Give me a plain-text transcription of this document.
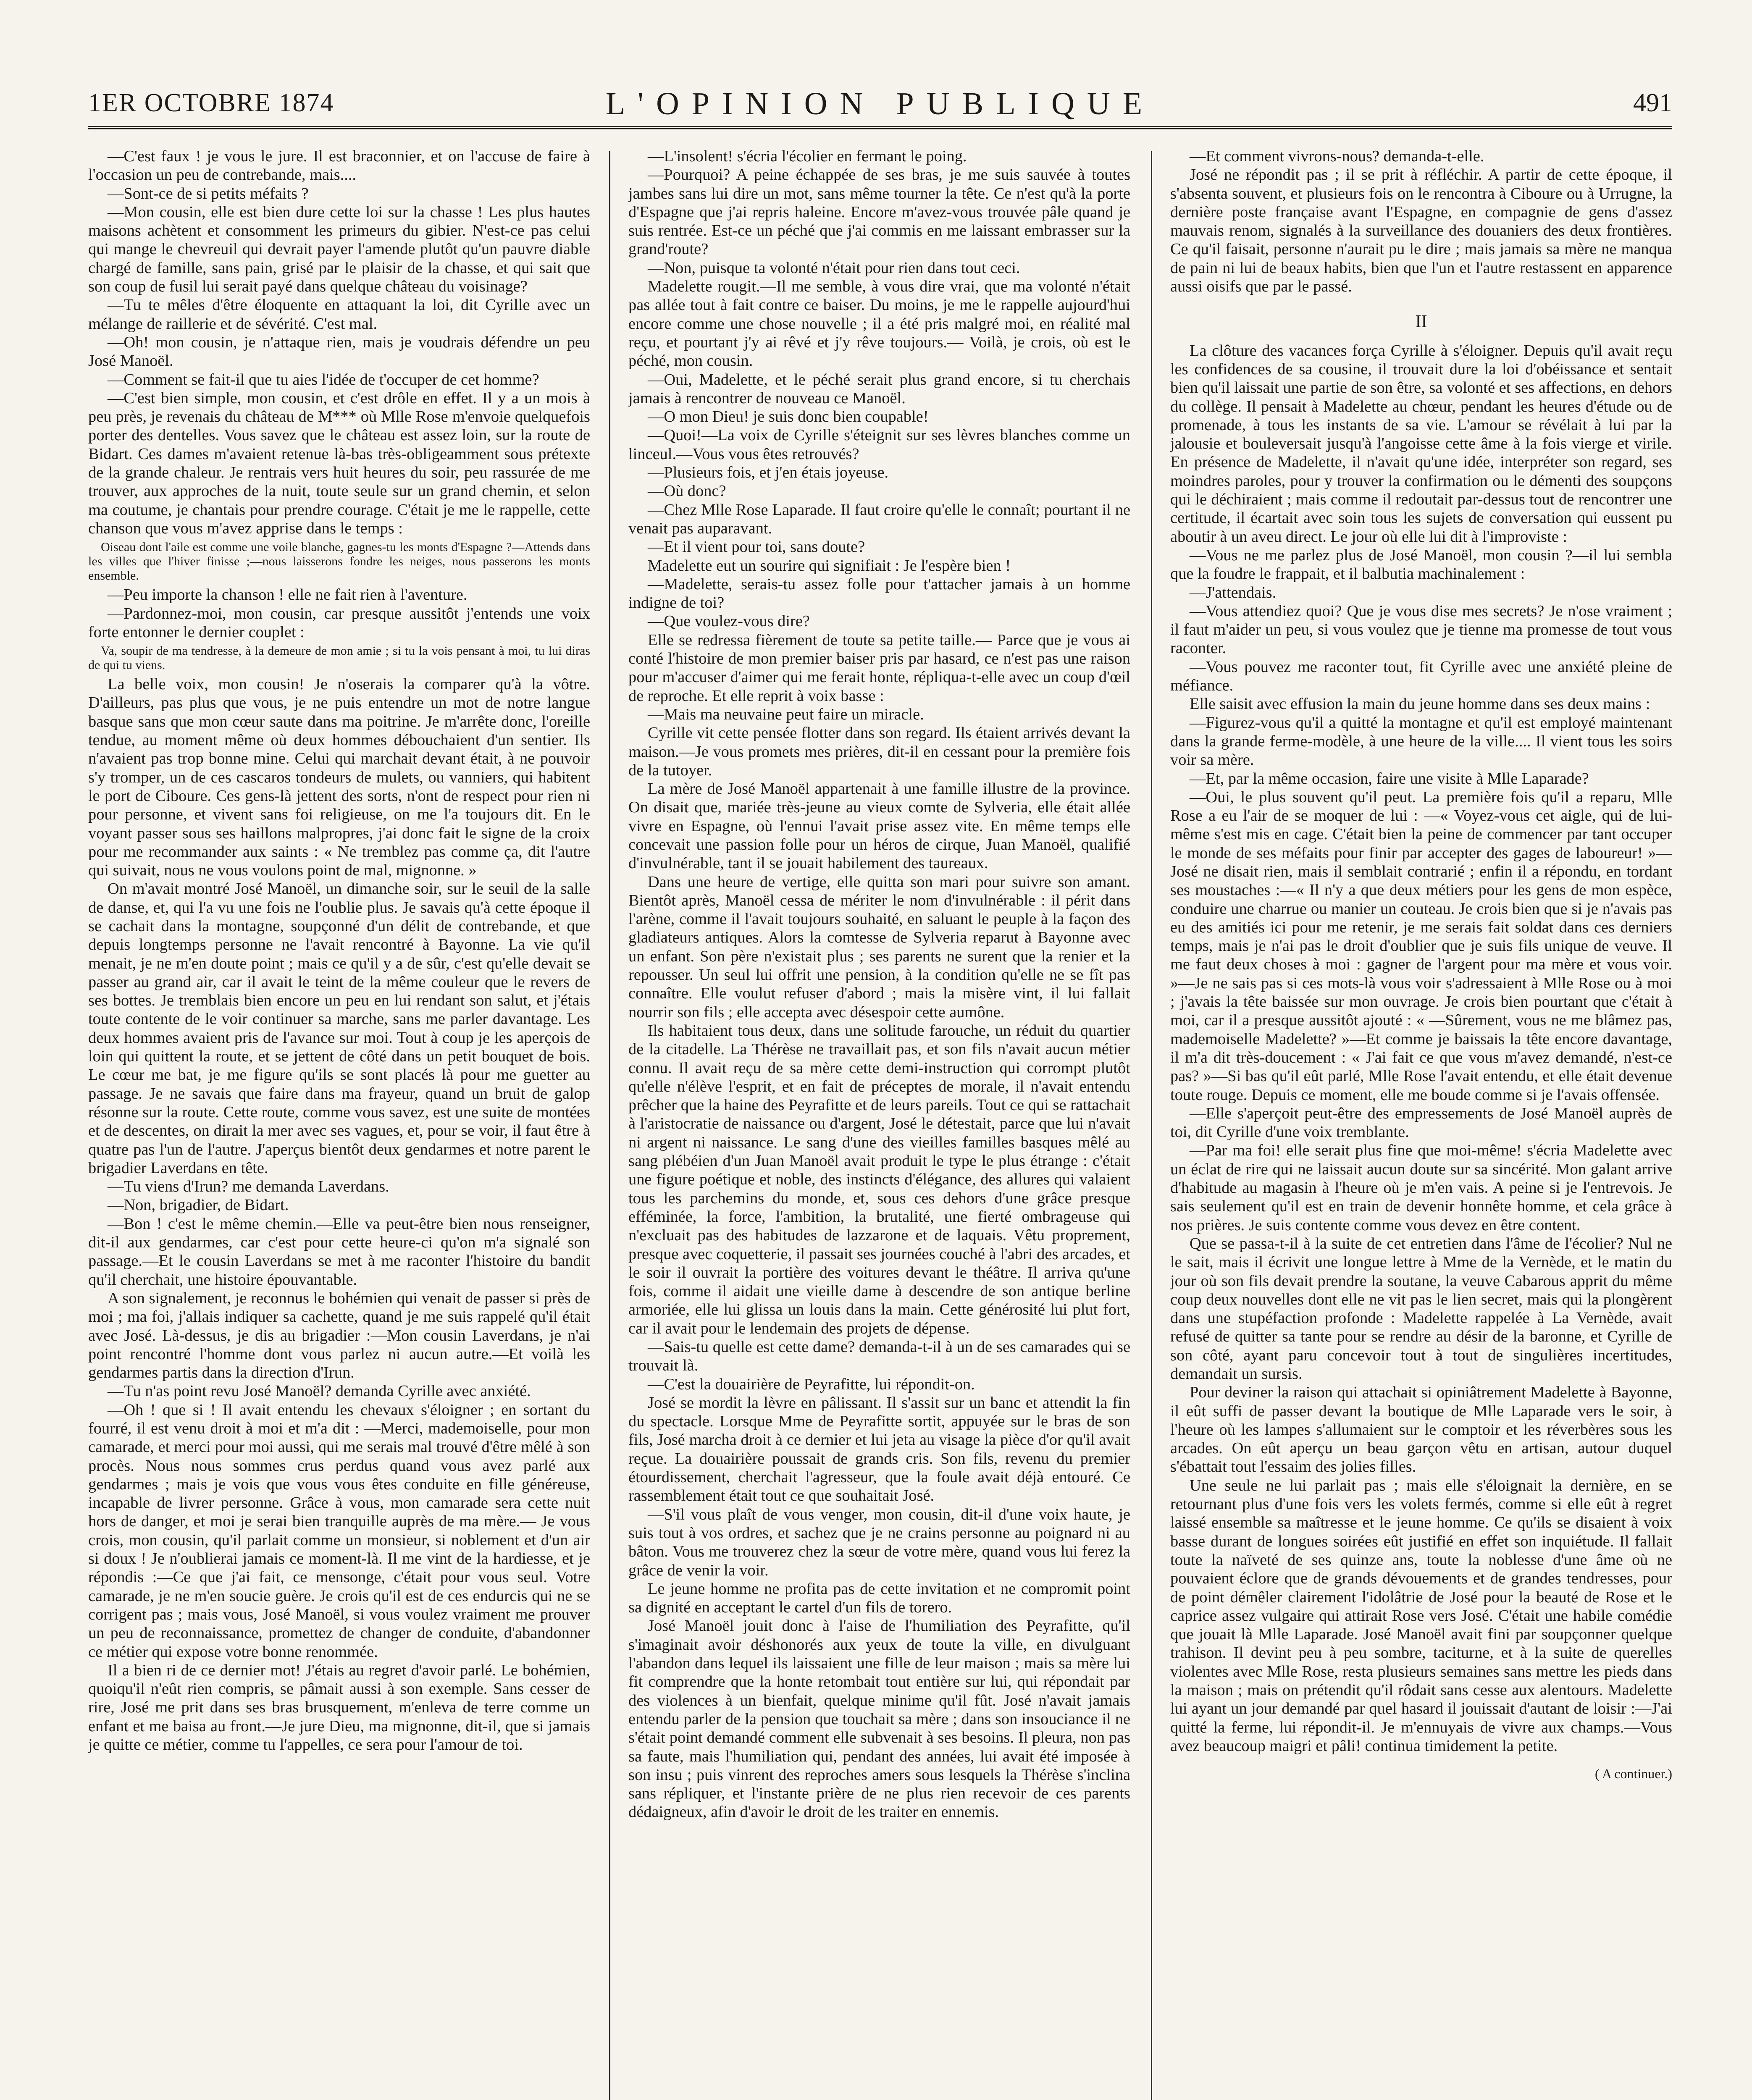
1ER OCTOBRE 1874	L'OPINION PUBLIQUE	491

—C'est faux ! je vous le jure. Il est braconnier, et on l'accuse de faire à l'occasion un peu de contrebande, mais....

—Sont-ce de si petits méfaits ?

—Mon cousin, elle est bien dure cette loi sur la chasse ! Les plus hautes maisons achètent et consomment les primeurs du gibier. N'est-ce pas celui qui mange le chevreuil qui devrait payer l'amende plutôt qu'un pauvre diable chargé de famille, sans pain, grisé par le plaisir de la chasse, et qui sait que son coup de fusil lui serait payé dans quelque château du voisinage?

—Tu te mêles d'être éloquente en attaquant la loi, dit Cyrille avec un mélange de raillerie et de sévérité. C'est mal.

—Oh! mon cousin, je n'attaque rien, mais je voudrais défendre un peu José Manoël.

—Comment se fait-il que tu aies l'idée de t'occuper de cet homme?

—C'est bien simple, mon cousin, et c'est drôle en effet. Il y a un mois à peu près, je revenais du château de M*** où Mlle Rose m'envoie quelquefois porter des dentelles. Vous savez que le château est assez loin, sur la route de Bidart. Ces dames m'avaient retenue là-bas très-obligeamment sous prétexte de la grande chaleur. Je rentrais vers huit heures du soir, peu rassurée de me trouver, aux approches de la nuit, toute seule sur un grand chemin, et selon ma coutume, je chantais pour prendre courage. C'était je me le rappelle, cette chanson que vous m'avez apprise dans le temps :

Oiseau dont l'aile est comme une voile blanche, gagnes-tu les monts d'Espagne ?—Attends dans les villes que l'hiver finisse ;—nous laisserons fondre les neiges, nous passerons les monts ensemble.

—Peu importe la chanson ! elle ne fait rien à l'aventure.

—Pardonnez-moi, mon cousin, car presque aussitôt j'entends une voix forte entonner le dernier couplet :

Va, soupir de ma tendresse, à la demeure de mon amie ; si tu la vois pensant à moi, tu lui diras de qui tu viens.

La belle voix, mon cousin! Je n'oserais la comparer qu'à la vôtre. D'ailleurs, pas plus que vous, je ne puis entendre un mot de notre langue basque sans que mon cœur saute dans ma poitrine. Je m'arrête donc, l'oreille tendue, au moment même où deux hommes débouchaient d'un sentier. Ils n'avaient pas trop bonne mine. Celui qui marchait devant était, à ne pouvoir s'y tromper, un de ces cascaros tondeurs de mulets, ou vanniers, qui habitent le port de Ciboure. Ces gens-là jettent des sorts, n'ont de respect pour rien ni pour personne, et vivent sans foi religieuse, on me l'a toujours dit. En le voyant passer sous ses haillons malpropres, j'ai donc fait le signe de la croix pour me recommander aux saints : « Ne tremblez pas comme ça, dit l'autre qui suivait, nous ne vous voulons point de mal, mignonne. »

On m'avait montré José Manoël, un dimanche soir, sur le seuil de la salle de danse, et, qui l'a vu une fois ne l'oublie plus. Je savais qu'à cette époque il se cachait dans la montagne, soupçonné d'un délit de contrebande, et que depuis longtemps personne ne l'avait rencontré à Bayonne. La vie qu'il menait, je ne m'en doute point ; mais ce qu'il y a de sûr, c'est qu'elle devait se passer au grand air, car il avait le teint de la même couleur que le revers de ses bottes. Je tremblais bien encore un peu en lui rendant son salut, et j'étais toute contente de le voir continuer sa marche, sans me parler davantage. Les deux hommes avaient pris de l'avance sur moi. Tout à coup je les aperçois de loin qui quittent la route, et se jettent de côté dans un petit bouquet de bois. Le cœur me bat, je me figure qu'ils se sont placés là pour me guetter au passage. Je ne savais que faire dans ma frayeur, quand un bruit de galop résonne sur la route. Cette route, comme vous savez, est une suite de montées et de descentes, on dirait la mer avec ses vagues, et, pour se voir, il faut être à quatre pas l'un de l'autre. J'aperçus bientôt deux gendarmes et notre parent le brigadier Laverdans en tête.

—Tu viens d'Irun? me demanda Laverdans.

—Non, brigadier, de Bidart.

—Bon ! c'est le même chemin.—Elle va peut-être bien nous renseigner, dit-il aux gendarmes, car c'est pour cette heure-ci qu'on m'a signalé son passage.—Et le cousin Laverdans se met à me raconter l'histoire du bandit qu'il cherchait, une histoire épouvantable.

A son signalement, je reconnus le bohémien qui venait de passer si près de moi ; ma foi, j'allais indiquer sa cachette, quand je me suis rappelé qu'il était avec José. Là-dessus, je dis au brigadier :—Mon cousin Laverdans, je n'ai point rencontré l'homme dont vous parlez ni aucun autre.—Et voilà les gendarmes partis dans la direction d'Irun.

—Tu n'as point revu José Manoël? demanda Cyrille avec anxiété.

—Oh ! que si ! Il avait entendu les chevaux s'éloigner ; en sortant du fourré, il est venu droit à moi et m'a dit : —Merci, mademoiselle, pour mon camarade, et merci pour moi aussi, qui me serais mal trouvé d'être mêlé à son procès. Nous nous sommes crus perdus quand vous avez parlé aux gendarmes ; mais je vois que vous vous êtes conduite en fille généreuse, incapable de livrer personne. Grâce à vous, mon camarade sera cette nuit hors de danger, et moi je serai bien tranquille auprès de ma mère.— Je vous crois, mon cousin, qu'il parlait comme un monsieur, si noblement et d'un air si doux ! Je n'oublierai jamais ce moment-là. Il me vint de la hardiesse, et je répondis :—Ce que j'ai fait, ce mensonge, c'était pour vous seul. Votre camarade, je ne m'en soucie guère. Je crois qu'il est de ces endurcis qui ne se corrigent pas ; mais vous, José Manoël, si vous voulez vraiment me prouver un peu de reconnaissance, promettez de changer de conduite, d'abandonner ce métier qui expose votre bonne renommée.

Il a bien ri de ce dernier mot! J'étais au regret d'avoir parlé. Le bohémien, quoiqu'il n'eût rien compris, se pâmait aussi à son exemple. Sans cesser de rire, José me prit dans ses bras brusquement, m'enleva de terre comme un enfant et me baisa au front.—Je jure Dieu, ma mignonne, dit-il, que si jamais je quitte ce métier, comme tu l'appelles, ce sera pour l'amour de toi.

—L'insolent! s'écria l'écolier en fermant le poing.

—Pourquoi? A peine échappée de ses bras, je me suis sauvée à toutes jambes sans lui dire un mot, sans même tourner la tête. Ce n'est qu'à la porte d'Espagne que j'ai repris haleine. Encore m'avez-vous trouvée pâle quand je suis rentrée. Est-ce un péché que j'ai commis en me laissant embrasser sur la grand'route?

—Non, puisque ta volonté n'était pour rien dans tout ceci.

Madelette rougit.—Il me semble, à vous dire vrai, que ma volonté n'était pas allée tout à fait contre ce baiser. Du moins, je me le rappelle aujourd'hui encore comme une chose nouvelle ; il a été pris malgré moi, en réalité mal reçu, et pourtant j'y ai rêvé et j'y rêve toujours.— Voilà, je crois, où est le péché, mon cousin.

—Oui, Madelette, et le péché serait plus grand encore, si tu cherchais jamais à rencontrer de nouveau ce Manoël.

—O mon Dieu! je suis donc bien coupable!

—Quoi!—La voix de Cyrille s'éteignit sur ses lèvres blanches comme un linceul.—Vous vous êtes retrouvés?

—Plusieurs fois, et j'en étais joyeuse.

—Où donc?

—Chez Mlle Rose Laparade. Il faut croire qu'elle le connaît; pourtant il ne venait pas auparavant.

—Et il vient pour toi, sans doute?

Madelette eut un sourire qui signifiait : Je l'espère bien !

—Madelette, serais-tu assez folle pour t'attacher jamais à un homme indigne de toi?

—Que voulez-vous dire?

Elle se redressa fièrement de toute sa petite taille.— Parce que je vous ai conté l'histoire de mon premier baiser pris par hasard, ce n'est pas une raison pour m'accuser d'aimer qui me ferait honte, répliqua-t-elle avec un coup d'œil de reproche. Et elle reprit à voix basse :

—Mais ma neuvaine peut faire un miracle.

Cyrille vit cette pensée flotter dans son regard. Ils étaient arrivés devant la maison.—Je vous promets mes prières, dit-il en cessant pour la première fois de la tutoyer.

La mère de José Manoël appartenait à une famille illustre de la province. On disait que, mariée très-jeune au vieux comte de Sylveria, elle était allée vivre en Espagne, où l'ennui l'avait prise assez vite. En même temps elle concevait une passion folle pour un héros de cirque, Juan Manoël, qualifié d'invulnérable, tant il se jouait habilement des taureaux.

Dans une heure de vertige, elle quitta son mari pour suivre son amant. Bientôt après, Manoël cessa de mériter le nom d'invulnérable : il périt dans l'arène, comme il l'avait toujours souhaité, en saluant le peuple à la façon des gladiateurs antiques. Alors la comtesse de Sylveria reparut à Bayonne avec un enfant. Son père n'existait plus ; ses parents ne surent que la renier et la repousser. Un seul lui offrit une pension, à la condition qu'elle ne se fît pas connaître. Elle voulut refuser d'abord ; mais la misère vint, il lui fallait nourrir son fils ; elle accepta avec désespoir cette aumône.

Ils habitaient tous deux, dans une solitude farouche, un réduit du quartier de la citadelle. La Thérèse ne travaillait pas, et son fils n'avait aucun métier connu. Il avait reçu de sa mère cette demi-instruction qui corrompt plutôt qu'elle n'élève l'esprit, et en fait de préceptes de morale, il n'avait entendu prêcher que la haine des Peyrafitte et de leurs pareils. Tout ce qui se rattachait à l'aristocratie de naissance ou d'argent, José le détestait, parce que lui n'avait ni argent ni naissance. Le sang d'une des vieilles familles basques mêlé au sang plébéien d'un Juan Manoël avait produit le type le plus étrange : c'était une figure poétique et noble, des instincts d'élégance, des allures qui valaient tous les parchemins du monde, et, sous ces dehors d'une grâce presque efféminée, la force, l'ambition, la brutalité, une fierté ombrageuse qui n'excluait pas des habitudes de lazzarone et de laquais. Vêtu proprement, presque avec coquetterie, il passait ses journées couché à l'abri des arcades, et le soir il ouvrait la portière des voitures devant le théâtre. Il arriva qu'une fois, comme il aidait une vieille dame à descendre de son antique berline armoriée, elle lui glissa un louis dans la main. Cette générosité lui plut fort, car il avait pour le lendemain des projets de dépense.

—Sais-tu quelle est cette dame? demanda-t-il à un de ses camarades qui se trouvait là.

—C'est la douairière de Peyrafitte, lui répondit-on.

José se mordit la lèvre en pâlissant. Il s'assit sur un banc et attendit la fin du spectacle. Lorsque Mme de Peyrafitte sortit, appuyée sur le bras de son fils, José marcha droit à ce dernier et lui jeta au visage la pièce d'or qu'il avait reçue. La douairière poussait de grands cris. Son fils, revenu du premier étourdissement, cherchait l'agresseur, que la foule avait déjà entouré. Ce rassemblement était tout ce que souhaitait José.

—S'il vous plaît de vous venger, mon cousin, dit-il d'une voix haute, je suis tout à vos ordres, et sachez que je ne crains personne au poignard ni au bâton. Vous me trouverez chez la sœur de votre mère, quand vous lui ferez la grâce de venir la voir.

Le jeune homme ne profita pas de cette invitation et ne compromit point sa dignité en acceptant le cartel d'un fils de torero.

José Manoël jouit donc à l'aise de l'humiliation des Peyrafitte, qu'il s'imaginait avoir déshonorés aux yeux de toute la ville, en divulguant l'abandon dans lequel ils laissaient une fille de leur maison ; mais sa mère lui fit comprendre que la honte retombait tout entière sur lui, qui répondait par des violences à un bienfait, quelque minime qu'il fût. José n'avait jamais entendu parler de la pension que touchait sa mère ; dans son insouciance il ne s'était point demandé comment elle subvenait à ses besoins. Il pleura, non pas sa faute, mais l'humiliation qui, pendant des années, lui avait été imposée à son insu ; puis vinrent des reproches amers sous lesquels la Thérèse s'inclina sans répliquer, et l'instante prière de ne plus rien recevoir de ces parents dédaigneux, afin d'avoir le droit de les traiter en ennemis.

—Et comment vivrons-nous? demanda-t-elle.

José ne répondit pas ; il se prit à réfléchir. A partir de cette époque, il s'absenta souvent, et plusieurs fois on le rencontra à Ciboure ou à Urrugne, la dernière poste française avant l'Espagne, en compagnie de gens d'assez mauvais renom, signalés à la surveillance des douaniers des deux frontières. Ce qu'il faisait, personne n'aurait pu le dire ; mais jamais sa mère ne manqua de pain ni lui de beaux habits, bien que l'un et l'autre restassent en apparence aussi oisifs que par le passé.

II

La clôture des vacances força Cyrille à s'éloigner. Depuis qu'il avait reçu les confidences de sa cousine, il trouvait dure la loi d'obéissance et sentait bien qu'il laissait une partie de son être, sa volonté et ses affections, en dehors du collège. Il pensait à Madelette au chœur, pendant les heures d'étude ou de promenade, à tous les instants de sa vie. L'amour se révélait à lui par la jalousie et bouleversait jusqu'à l'angoisse cette âme à la fois vierge et virile. En présence de Madelette, il n'avait qu'une idée, interpréter son regard, ses moindres paroles, pour y trouver la confirmation ou le démenti des soupçons qui le déchiraient ; mais comme il redoutait par-dessus tout de rencontrer une certitude, il écartait avec soin tous les sujets de conversation qui eussent pu aboutir à un aveu direct. Le jour où elle lui dit à l'improviste :

—Vous ne me parlez plus de José Manoël, mon cousin ?—il lui sembla que la foudre le frappait, et il balbutia machinalement :

—J'attendais.

—Vous attendiez quoi? Que je vous dise mes secrets? Je n'ose vraiment ; il faut m'aider un peu, si vous voulez que je tienne ma promesse de tout vous raconter.

—Vous pouvez me raconter tout, fit Cyrille avec une anxiété pleine de méfiance.

Elle saisit avec effusion la main du jeune homme dans ses deux mains :

—Figurez-vous qu'il a quitté la montagne et qu'il est employé maintenant dans la grande ferme-modèle, à une heure de la ville.... Il vient tous les soirs voir sa mère.

—Et, par la même occasion, faire une visite à Mlle Laparade?

—Oui, le plus souvent qu'il peut. La première fois qu'il a reparu, Mlle Rose a eu l'air de se moquer de lui : —« Voyez-vous cet aigle, qui de lui-même s'est mis en cage. C'était bien la peine de commencer par tant occuper le monde de ses méfaits pour finir par accepter des gages de laboureur! »—José ne disait rien, mais il semblait contrarié ; enfin il a répondu, en tordant ses moustaches :—« Il n'y a que deux métiers pour les gens de mon espèce, conduire une charrue ou manier un couteau. Je crois bien que si je n'avais pas eu des amitiés ici pour me retenir, je me serais fait soldat dans ces derniers temps, mais je n'ai pas le droit d'oublier que je suis fils unique de veuve. Il me faut deux choses à moi : gagner de l'argent pour ma mère et vous voir. »—Je ne sais pas si ces mots-là vous voir s'adressaient à Mlle Rose ou à moi ; j'avais la tête baissée sur mon ouvrage. Je crois bien pourtant que c'était à moi, car il a presque aussitôt ajouté : « —Sûrement, vous ne me blâmez pas, mademoiselle Madelette? »—Et comme je baissais la tête encore davantage, il m'a dit très-doucement : « J'ai fait ce que vous m'avez demandé, n'est-ce pas? »—Si bas qu'il eût parlé, Mlle Rose l'avait entendu, et elle était devenue toute rouge. Depuis ce moment, elle me boude comme si je l'avais offensée.

—Elle s'aperçoit peut-être des empressements de José Manoël auprès de toi, dit Cyrille d'une voix tremblante.

—Par ma foi! elle serait plus fine que moi-même! s'écria Madelette avec un éclat de rire qui ne laissait aucun doute sur sa sincérité. Mon galant arrive d'habitude au magasin à l'heure où je m'en vais. A peine si je l'entrevois. Je sais seulement qu'il est en train de devenir honnête homme, et cela grâce à nos prières. Je suis contente comme vous devez en être content.

Que se passa-t-il à la suite de cet entretien dans l'âme de l'écolier? Nul ne le sait, mais il écrivit une longue lettre à Mme de la Vernède, et le matin du jour où son fils devait prendre la soutane, la veuve Cabarous apprit du même coup deux nouvelles dont elle ne vit pas le lien secret, mais qui la plongèrent dans une stupéfaction profonde : Madelette rappelée à La Vernède, avait refusé de quitter sa tante pour se rendre au désir de la baronne, et Cyrille de son côté, ayant paru concevoir tout à tout de singulières incertitudes, demandait un sursis.

Pour deviner la raison qui attachait si opiniâtrement Madelette à Bayonne, il eût suffi de passer devant la boutique de Mlle Laparade vers le soir, à l'heure où les lampes s'allumaient sur le comptoir et les réverbères sous les arcades. On eût aperçu un beau garçon vêtu en artisan, autour duquel s'ébattait tout l'essaim des jolies filles.

Une seule ne lui parlait pas ; mais elle s'éloignait la dernière, en se retournant plus d'une fois vers les volets fermés, comme si elle eût à regret laissé ensemble sa maîtresse et le jeune homme. Ce qu'ils se disaient à voix basse durant de longues soirées eût justifié en effet son inquiétude. Il fallait toute la naïveté de ses quinze ans, toute la noblesse d'une âme où ne pouvaient éclore que de grands dévouements et de grandes tendresses, pour de point démêler clairement l'idolâtrie de José pour la beauté de Rose et le caprice assez vulgaire qui attirait Rose vers José. C'était une habile comédie que jouait là Mlle Laparade. José Manoël avait fini par soupçonner quelque trahison. Il devint peu à peu sombre, taciturne, et à la suite de querelles violentes avec Mlle Rose, resta plusieurs semaines sans mettre les pieds dans la maison ; mais on prétendit qu'il rôdait sans cesse aux alentours. Madelette lui ayant un jour demandé par quel hasard il jouissait d'autant de loisir :—J'ai quitté la ferme, lui répondit-il. Je m'ennuyais de vivre aux champs.—Vous avez beaucoup maigri et pâli! continua timidement la petite.

( A continuer.)
